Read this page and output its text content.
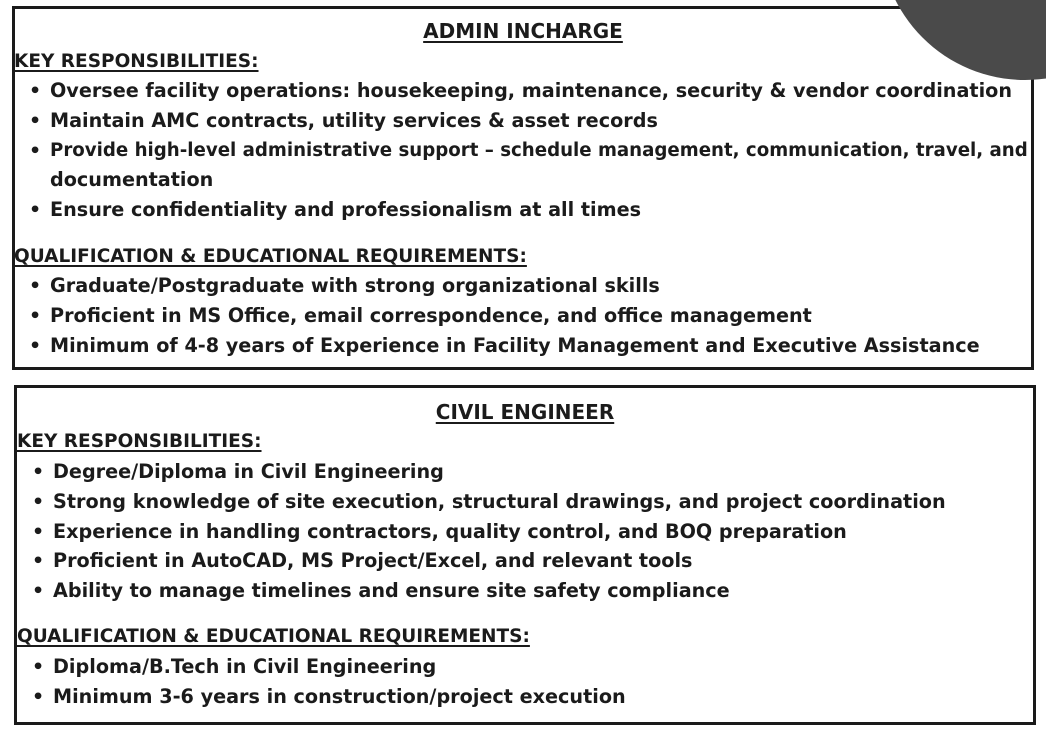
ADMIN INCHARGE
KEY RESPONSIBILITIES:
• Oversee facility operations: housekeeping, maintenance, security & vendor coordination
• Maintain AMC contracts, utility services & asset records
• Provide high-level administrative support – schedule management, communication, travel, and
documentation
• Ensure confidentiality and professionalism at all times
QUALIFICATION & EDUCATIONAL REQUIREMENTS:
• Graduate/Postgraduate with strong organizational skills
• Proficient in MS Office, email correspondence, and office management
• Minimum of 4-8 years of Experience in Facility Management and Executive Assistance
CIVIL ENGINEER
KEY RESPONSIBILITIES:
• Degree/Diploma in Civil Engineering
• Strong knowledge of site execution, structural drawings, and project coordination
• Experience in handling contractors, quality control, and BOQ preparation
• Proficient in AutoCAD, MS Project/Excel, and relevant tools
• Ability to manage timelines and ensure site safety compliance
QUALIFICATION & EDUCATIONAL REQUIREMENTS:
• Diploma/B.Tech in Civil Engineering
• Minimum 3-6 years in construction/project execution
